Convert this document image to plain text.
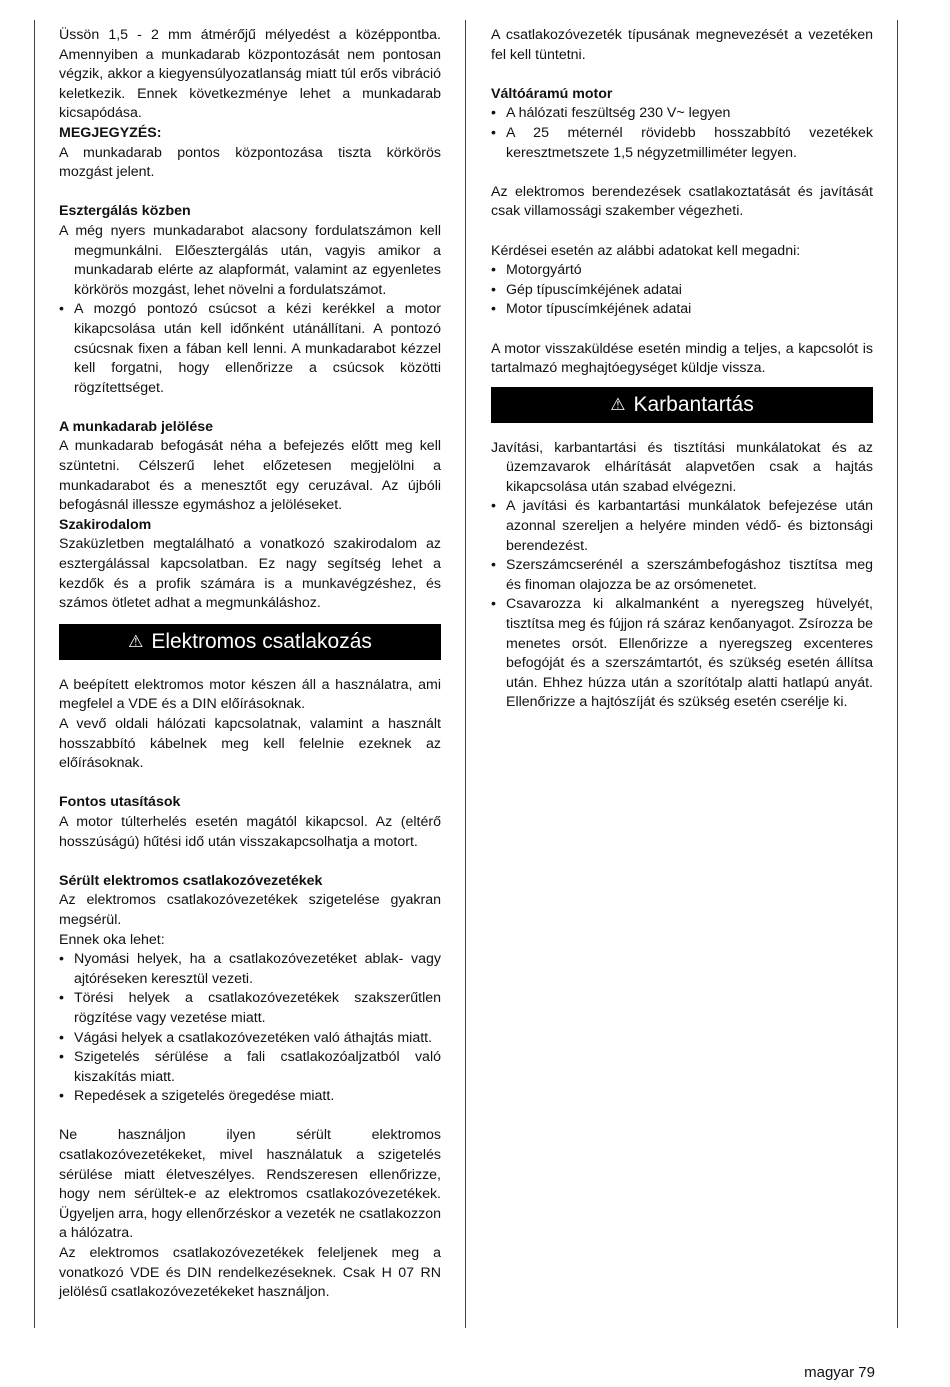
Üssön 1,5 - 2 mm átmérőjű mélyedést a középpontba. Amennyiben a munkadarab központozását nem pontosan végzik, akkor a kiegyensúlyozatlanság miatt túl erős vibráció keletkezik. Ennek következménye lehet a munkadarab kicsapódása.

MEGJEGYZÉS:

A munkadarab pontos központozása tiszta körkörös mozgást jelent.

Esztergálás közben

A még nyers munkadarabot alacsony fordulatszámon kell megmunkálni. Előesztergálás után, vagyis amikor a munkadarab elérte az alapformát, valamint az egyenletes körkörös mozgást, lehet növelni a fordulatszámot.

• A mozgó pontozó csúcsot a kézi kerékkel a motor kikapcsolása után kell időnként utánállítani. A pontozó csúcsnak fixen a fában kell lenni. A munkadarabot kézzel kell forgatni, hogy ellenőrizze a csúcsok közötti rögzítettséget.

A munkadarab jelölése

A munkadarab befogását néha a befejezés előtt meg kell szüntetni. Célszerű lehet előzetesen megjelölni a munkadarabot és a menesztőt egy ceruzával. Az újbóli befogásnál illessze egymáshoz a jelöléseket.

Szakirodalom

Szaküzletben megtalálható a vonatkozó szakirodalom az esztergálással kapcsolatban. Ez nagy segítség lehet a kezdők és a profik számára is a munkavégzéshez, és számos ötletet adhat a megmunkáláshoz.

⚠ Elektromos csatlakozás

A beépített elektromos motor készen áll a használatra, ami megfelel a VDE és a DIN előírásoknak.

A vevő oldali hálózati kapcsolatnak, valamint a használt hosszabbító kábelnek meg kell felelnie ezeknek az előírásoknak.

Fontos utasítások

A motor túlterhelés esetén magától kikapcsol. Az (eltérő hosszúságú) hűtési idő után visszakapcsolhatja a motort.

Sérült elektromos csatlakozóvezetékek

Az elektromos csatlakozóvezetékek szigetelése gyakran megsérül.

Ennek oka lehet:

• Nyomási helyek, ha a csatlakozóvezetéket ablak- vagy ajtóréseken keresztül vezeti.
• Törési helyek a csatlakozóvezetékek szakszerűtlen rögzítése vagy vezetése miatt.
• Vágási helyek a csatlakozóvezetéken való áthajtás miatt.
• Szigetelés sérülése a fali csatlakozóaljzatból való kiszakítás miatt.
• Repedések a szigetelés öregedése miatt.

Ne használjon ilyen sérült elektromos csatlakozóvezetékeket, mivel használatuk a szigetelés sérülése miatt életveszélyes. Rendszeresen ellenőrizze, hogy nem sérültek-e az elektromos csatlakozóvezetékek. Ügyeljen arra, hogy ellenőrzéskor a vezeték ne csatlakozzon a hálózatra.

Az elektromos csatlakozóvezetékek feleljenek meg a vonatkozó VDE és DIN rendelkezéseknek. Csak H 07 RN jelölésű csatlakozóvezetékeket használjon.

A csatlakozóvezeték típusának megnevezését a vezetéken fel kell tüntetni.

Váltóáramú motor

• A hálózati feszültség 230 V~ legyen
• A 25 méternél rövidebb hosszabbító vezetékek keresztmetszete 1,5 négyzetmilliméter legyen.

Az elektromos berendezések csatlakoztatását és javítását csak villamossági szakember végezheti.

Kérdései esetén az alábbi adatokat kell megadni:

• Motorgyártó
• Gép típuscímkéjének adatai
• Motor típuscímkéjének adatai

A motor visszaküldése esetén mindig a teljes, a kapcsolót is tartalmazó meghajtóegységet küldje vissza.

⚠ Karbantartás

Javítási, karbantartási és tisztítási munkálatokat és az üzemzavarok elhárítását alapvetően csak a hajtás kikapcsolása után szabad elvégezni.

• A javítási és karbantartási munkálatok befejezése után azonnal szereljen a helyére minden védő- és biztonsági berendezést.
• Szerszámcserénél a szerszámbefogáshoz tisztítsa meg és finoman olajozza be az orsómenetet.
• Csavarozza ki alkalmanként a nyeregszeg hüvelyét, tisztítsa meg és fújjon rá száraz kenőanyagot. Zsírozza be menetes orsót. Ellenőrizze a nyeregszeg excenteres befogóját és a szerszámtartót, és szükség esetén állítsa után. Ehhez húzza után a szorítótalp alatti hatlapú anyát. Ellenőrizze a hajtószíját és szükség esetén cserélje ki.
magyar 79
